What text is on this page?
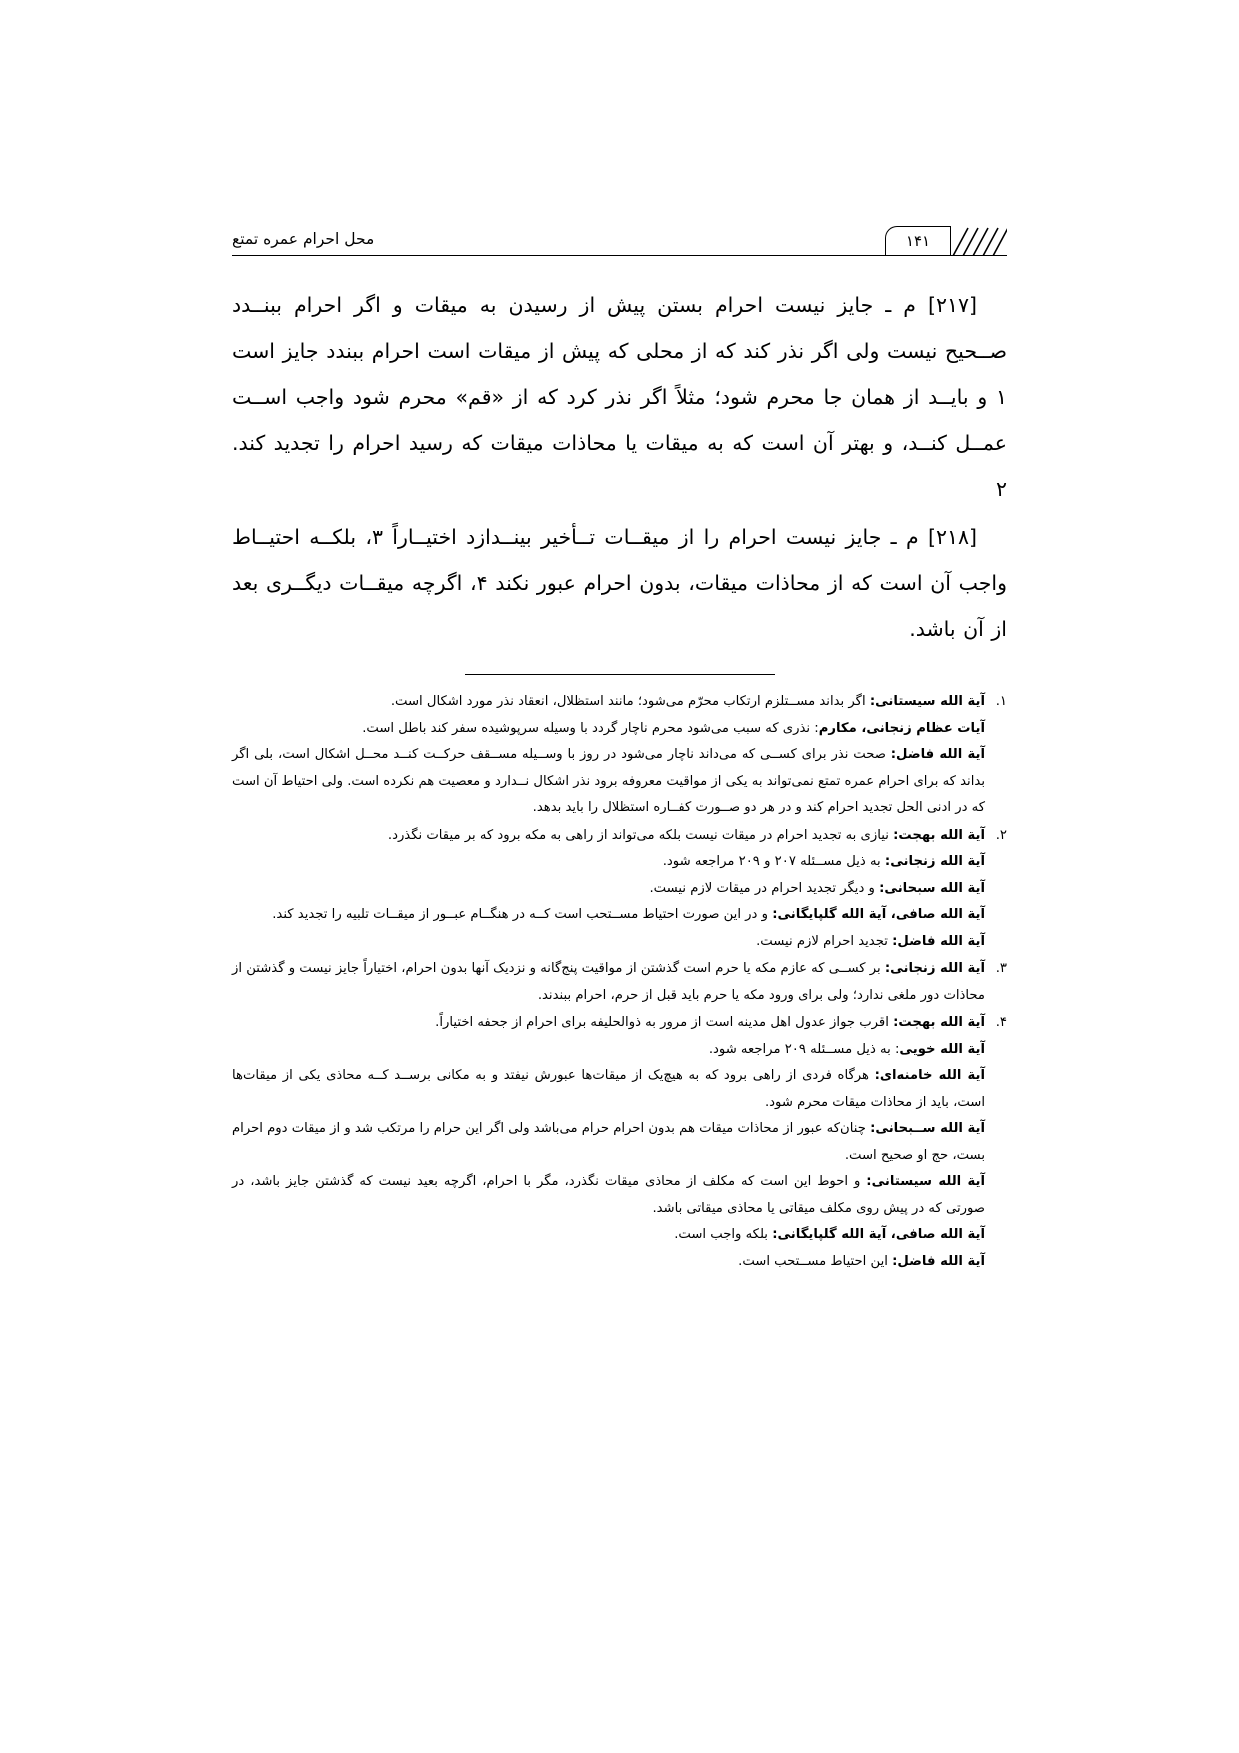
۱۴۱
محل احرام عمره تمتع

[۲۱۷] م ـ جایز نیست احرام بستن پیش از رسیدن به میقات و اگر احرام ببنــدد صــحیح نیست ولی اگر نذر کند که از محلی که پیش از میقات است احرام ببندد جایز است ۱ و بایــد از همان جا محرم شود؛ مثلاً اگر نذر کرد که از «قم» محرم شود واجب اســت عمــل کنــد، و بهتر آن است که به میقات یا محاذات میقات که رسید احرام را تجدید کند. ۲

[۲۱۸] م ـ جایز نیست احرام را از میقــات تــأخیر بینــدازد اختیــاراً ۳، بلکــه احتیــاط واجب آن است که از محاذات میقات، بدون احرام عبور نکند ۴، اگرچه میقــات دیگــری بعد از آن باشد.

۱.

آیة الله سیستانی: اگر بداند مســتلزم ارتکاب محرّم می‌شود؛ مانند استظلال، انعقاد نذر مورد اشکال است.

آیات عظام زنجانی، مکارم: نذری که سبب می‌شود محرم ناچار گردد با وسیله سرپوشیده سفر کند باطل است.

آیة الله فاضل: صحت نذر برای کســی که می‌داند ناچار می‌شود در روز با وســیله مســقف حرکــت کنــد محــل اشکال است، بلی اگر بداند که برای احرام عمره تمتع نمی‌تواند به یکی از مواقیت معروفه برود نذر اشکال نــدارد و معصیت هم نکرده است. ولی احتیاط آن است که در ادنی الحل تجدید احرام کند و در هر دو صــورت کفــاره استظلال را باید بدهد.

۲.

آیة الله بهجت: نیازی به تجدید احرام در میقات نیست بلکه می‌تواند از راهی به مکه برود که بر میقات نگذرد.

آیة الله زنجانی: به ذیل مســئله ۲۰۷ و ۲۰۹ مراجعه شود.

آیة الله سبحانی: و دیگر تجدید احرام در میقات لازم نیست.

آیة الله صافی، آیة الله گلپایگانی: و در این صورت احتیاط مســتحب است کــه در هنگــام عبــور از میقــات تلبیه را تجدید کند.

آیة الله فاضل: تجدید احرام لازم نیست.

۳.

آیة الله زنجانی: بر کســی که عازم مکه یا حرم است گذشتن از مواقیت پنج‌گانه و نزدیک آنها بدون احرام، اختیاراً جایز نیست و گذشتن از محاذات دور ملغی ندارد؛ ولی برای ورود مکه یا حرم باید قبل از حرم، احرام ببندند.

۴.

آیة الله بهجت: اقرب جواز عدول اهل مدینه است از مرور به ذوالحلیفه برای احرام از جحفه اختیاراً.

آیة الله خویی: به ذیل مســئله ۲۰۹ مراجعه شود.

آیة الله خامنه‌ای: هرگاه فردی از راهی برود که به هیچ‌یک از میقات‌ها عبورش نیفتد و به مکانی برســد کــه محاذی یکی از میقات‌ها است، باید از محاذات میقات محرم شود.

آیة الله ســبحانی: چنان‌که عبور از محاذات میقات هم بدون احرام حرام می‌باشد ولی اگر این حرام را مرتکب شد و از میقات دوم احرام بست، حج او صحیح است.

آیة الله سیستانی: و احوط این است که مکلف از محاذی میقات نگذرد، مگر با احرام، اگرچه بعید نیست که گذشتن جایز باشد، در صورتی که در پیش روی مکلف میقاتی یا محاذی میقاتی باشد.

آیة الله صافی، آیة الله گلپایگانی: بلکه واجب است.

آیة الله فاضل: این احتیاط مســتحب است.
